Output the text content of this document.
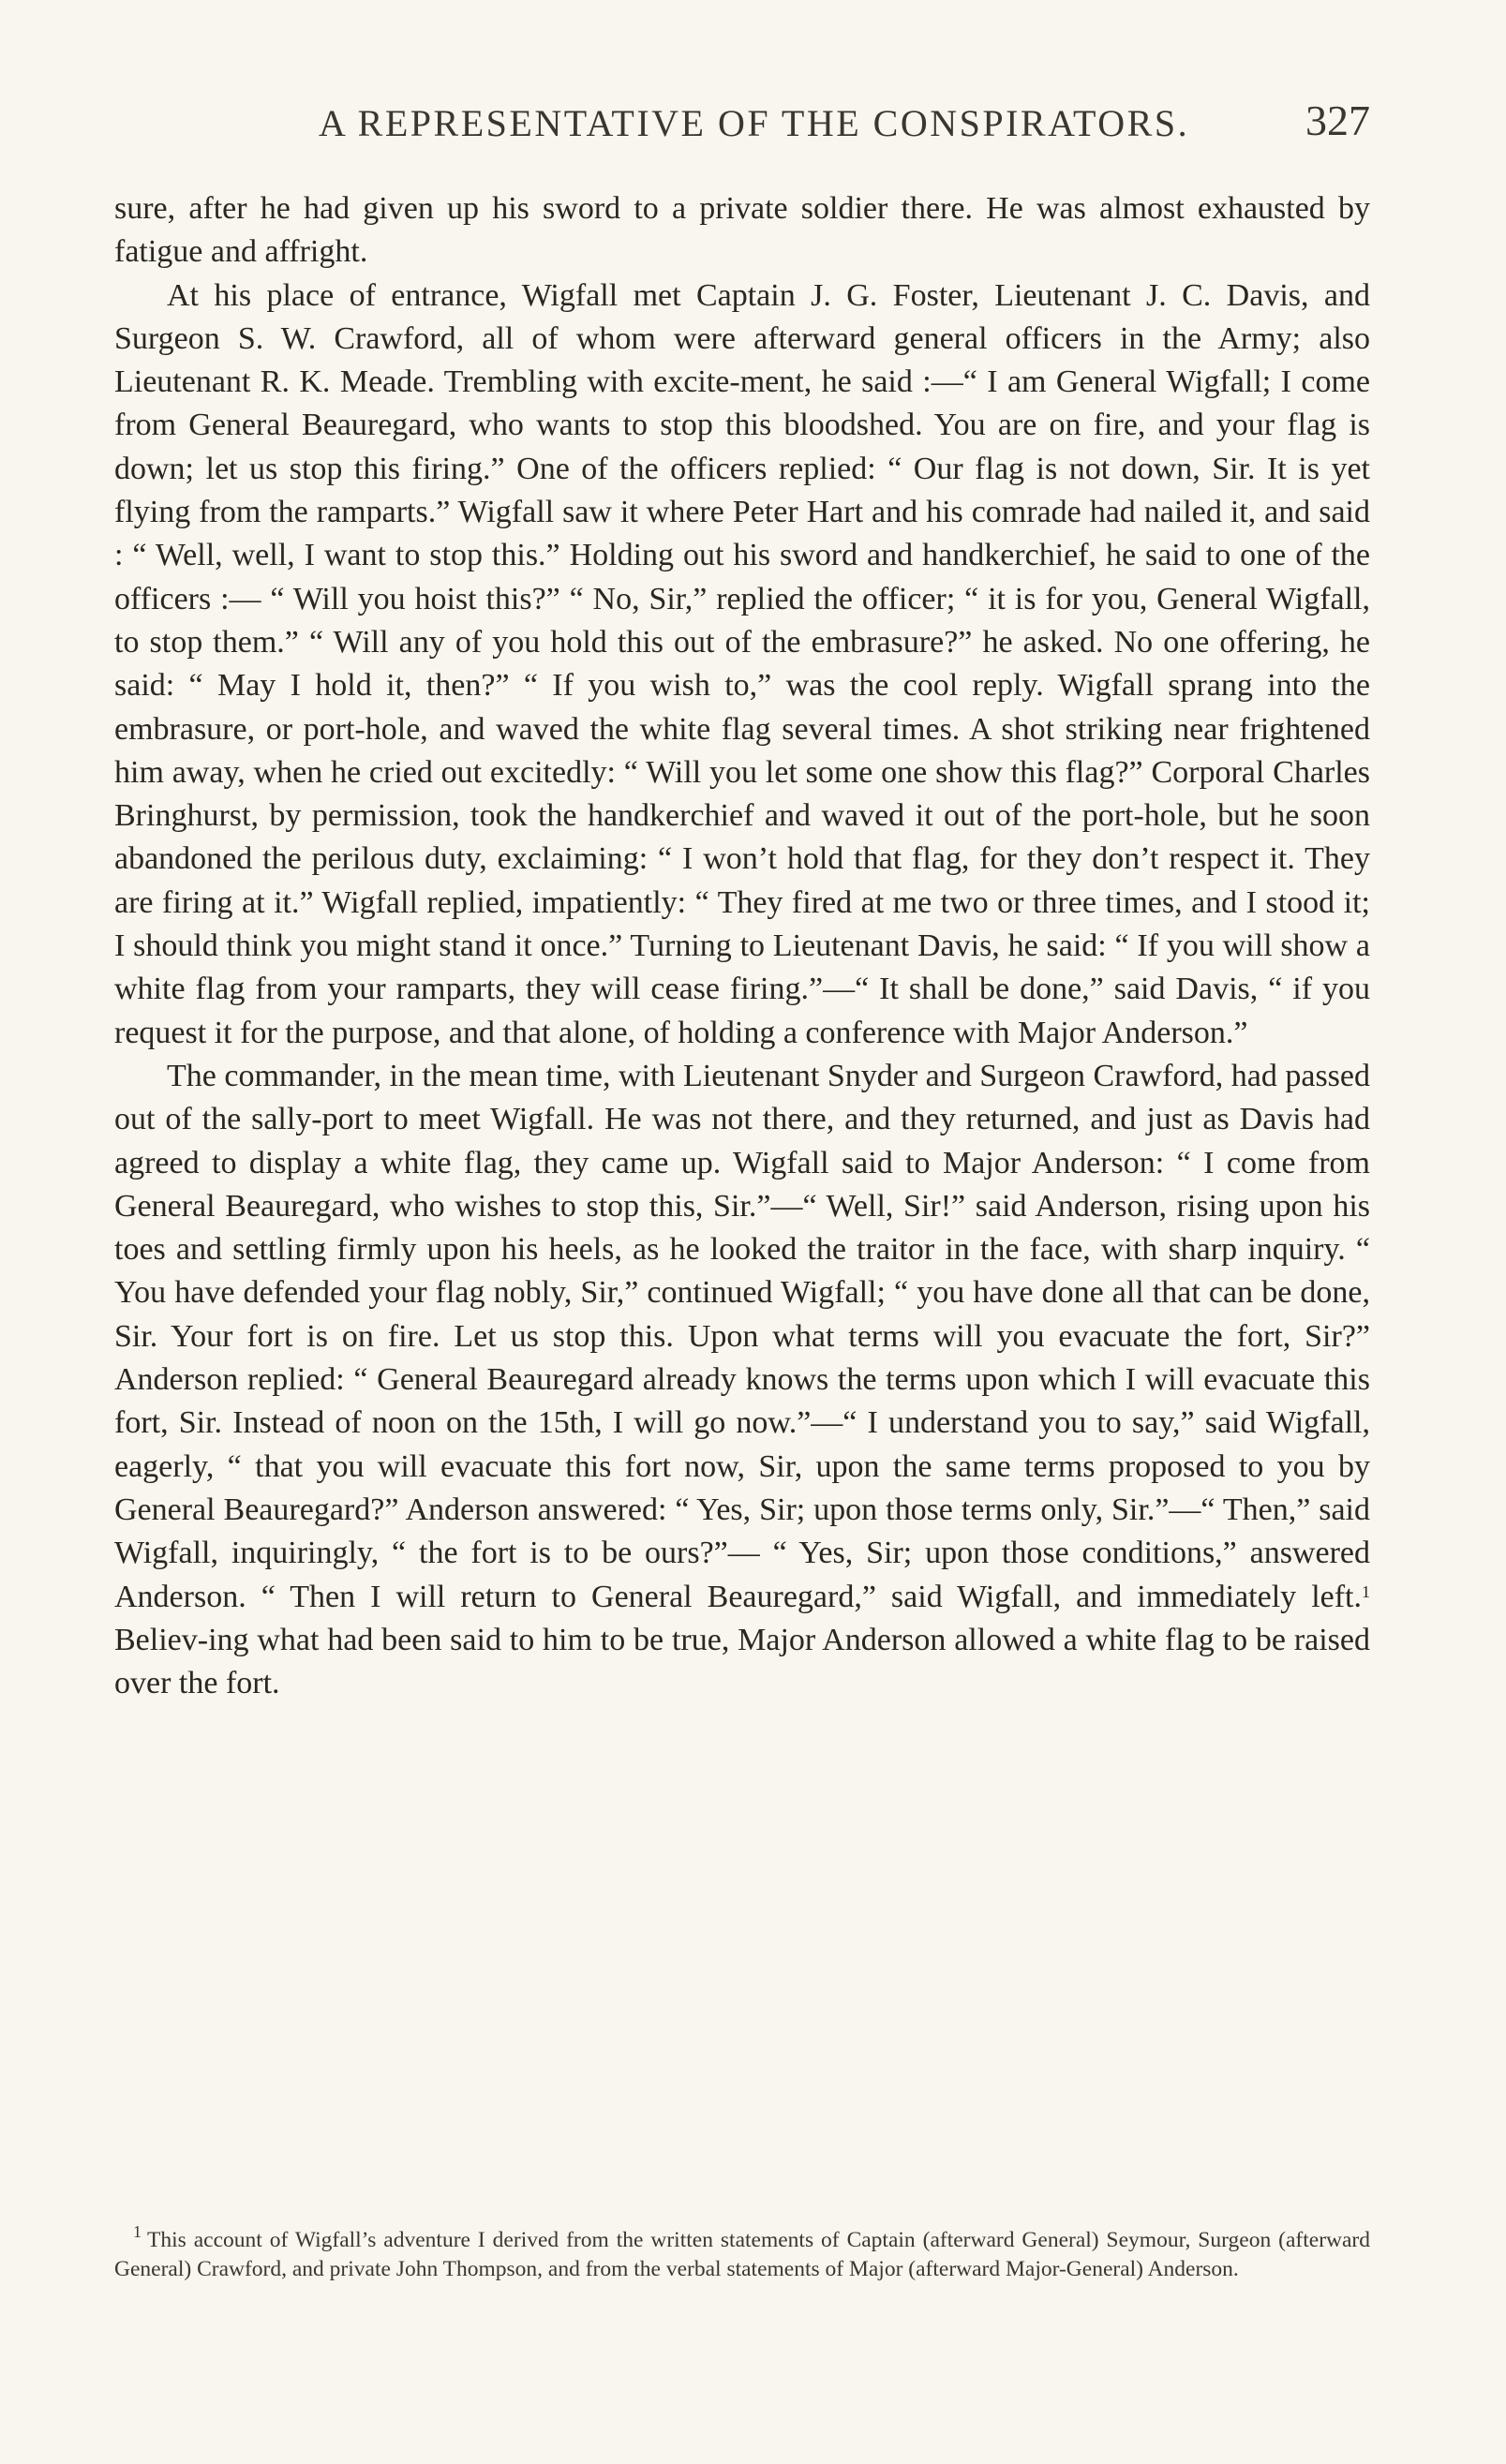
A REPRESENTATIVE OF THE CONSPIRATORS.	327

sure, after he had given up his sword to a private soldier there. He was almost exhausted by fatigue and affright.

At his place of entrance, Wigfall met Captain J. G. Foster, Lieutenant J. C. Davis, and Surgeon S. W. Crawford, all of whom were afterward general officers in the Army; also Lieutenant R. K. Meade. Trembling with excite-ment, he said :—“ I am General Wigfall; I come from General Beauregard, who wants to stop this bloodshed. You are on fire, and your flag is down; let us stop this firing.” One of the officers replied: “ Our flag is not down, Sir. It is yet flying from the ramparts.” Wigfall saw it where Peter Hart and his comrade had nailed it, and said : “ Well, well, I want to stop this.” Holding out his sword and handkerchief, he said to one of the officers :— “ Will you hoist this?” “ No, Sir,” replied the officer; “ it is for you, General Wigfall, to stop them.” “ Will any of you hold this out of the embrasure?” he asked. No one offering, he said: “ May I hold it, then?” “ If you wish to,” was the cool reply. Wigfall sprang into the embrasure, or port-hole, and waved the white flag several times. A shot striking near frightened him away, when he cried out excitedly: “ Will you let some one show this flag?” Corporal Charles Bringhurst, by permission, took the handkerchief and waved it out of the port-hole, but he soon abandoned the perilous duty, exclaiming: “ I won’t hold that flag, for they don’t respect it. They are firing at it.” Wigfall replied, impatiently: “ They fired at me two or three times, and I stood it; I should think you might stand it once.” Turning to Lieutenant Davis, he said: “ If you will show a white flag from your ramparts, they will cease firing.”—“ It shall be done,” said Davis, “ if you request it for the purpose, and that alone, of holding a conference with Major Anderson.”

The commander, in the mean time, with Lieutenant Snyder and Surgeon Crawford, had passed out of the sally-port to meet Wigfall. He was not there, and they returned, and just as Davis had agreed to display a white flag, they came up. Wigfall said to Major Anderson: “ I come from General Beauregard, who wishes to stop this, Sir.”—“ Well, Sir!” said Anderson, rising upon his toes and settling firmly upon his heels, as he looked the traitor in the face, with sharp inquiry. “ You have defended your flag nobly, Sir,” continued Wigfall; “ you have done all that can be done, Sir. Your fort is on fire. Let us stop this. Upon what terms will you evacuate the fort, Sir?” Anderson replied: “ General Beauregard already knows the terms upon which I will evacuate this fort, Sir. Instead of noon on the 15th, I will go now.”—“ I understand you to say,” said Wigfall, eagerly, “ that you will evacuate this fort now, Sir, upon the same terms proposed to you by General Beauregard?” Anderson answered: “ Yes, Sir; upon those terms only, Sir.”—“ Then,” said Wigfall, inquiringly, “ the fort is to be ours?”— “ Yes, Sir; upon those conditions,” answered Anderson. “ Then I will return to General Beauregard,” said Wigfall, and immediately left.$^1$ Believ-ing what had been said to him to be true, Major Anderson allowed a white flag to be raised over the fort.

$^1$ This account of Wigfall’s adventure I derived from the written statements of Captain (afterward General) Seymour, Surgeon (afterward General) Crawford, and private John Thompson, and from the verbal statements of Major (afterward Major-General) Anderson.
